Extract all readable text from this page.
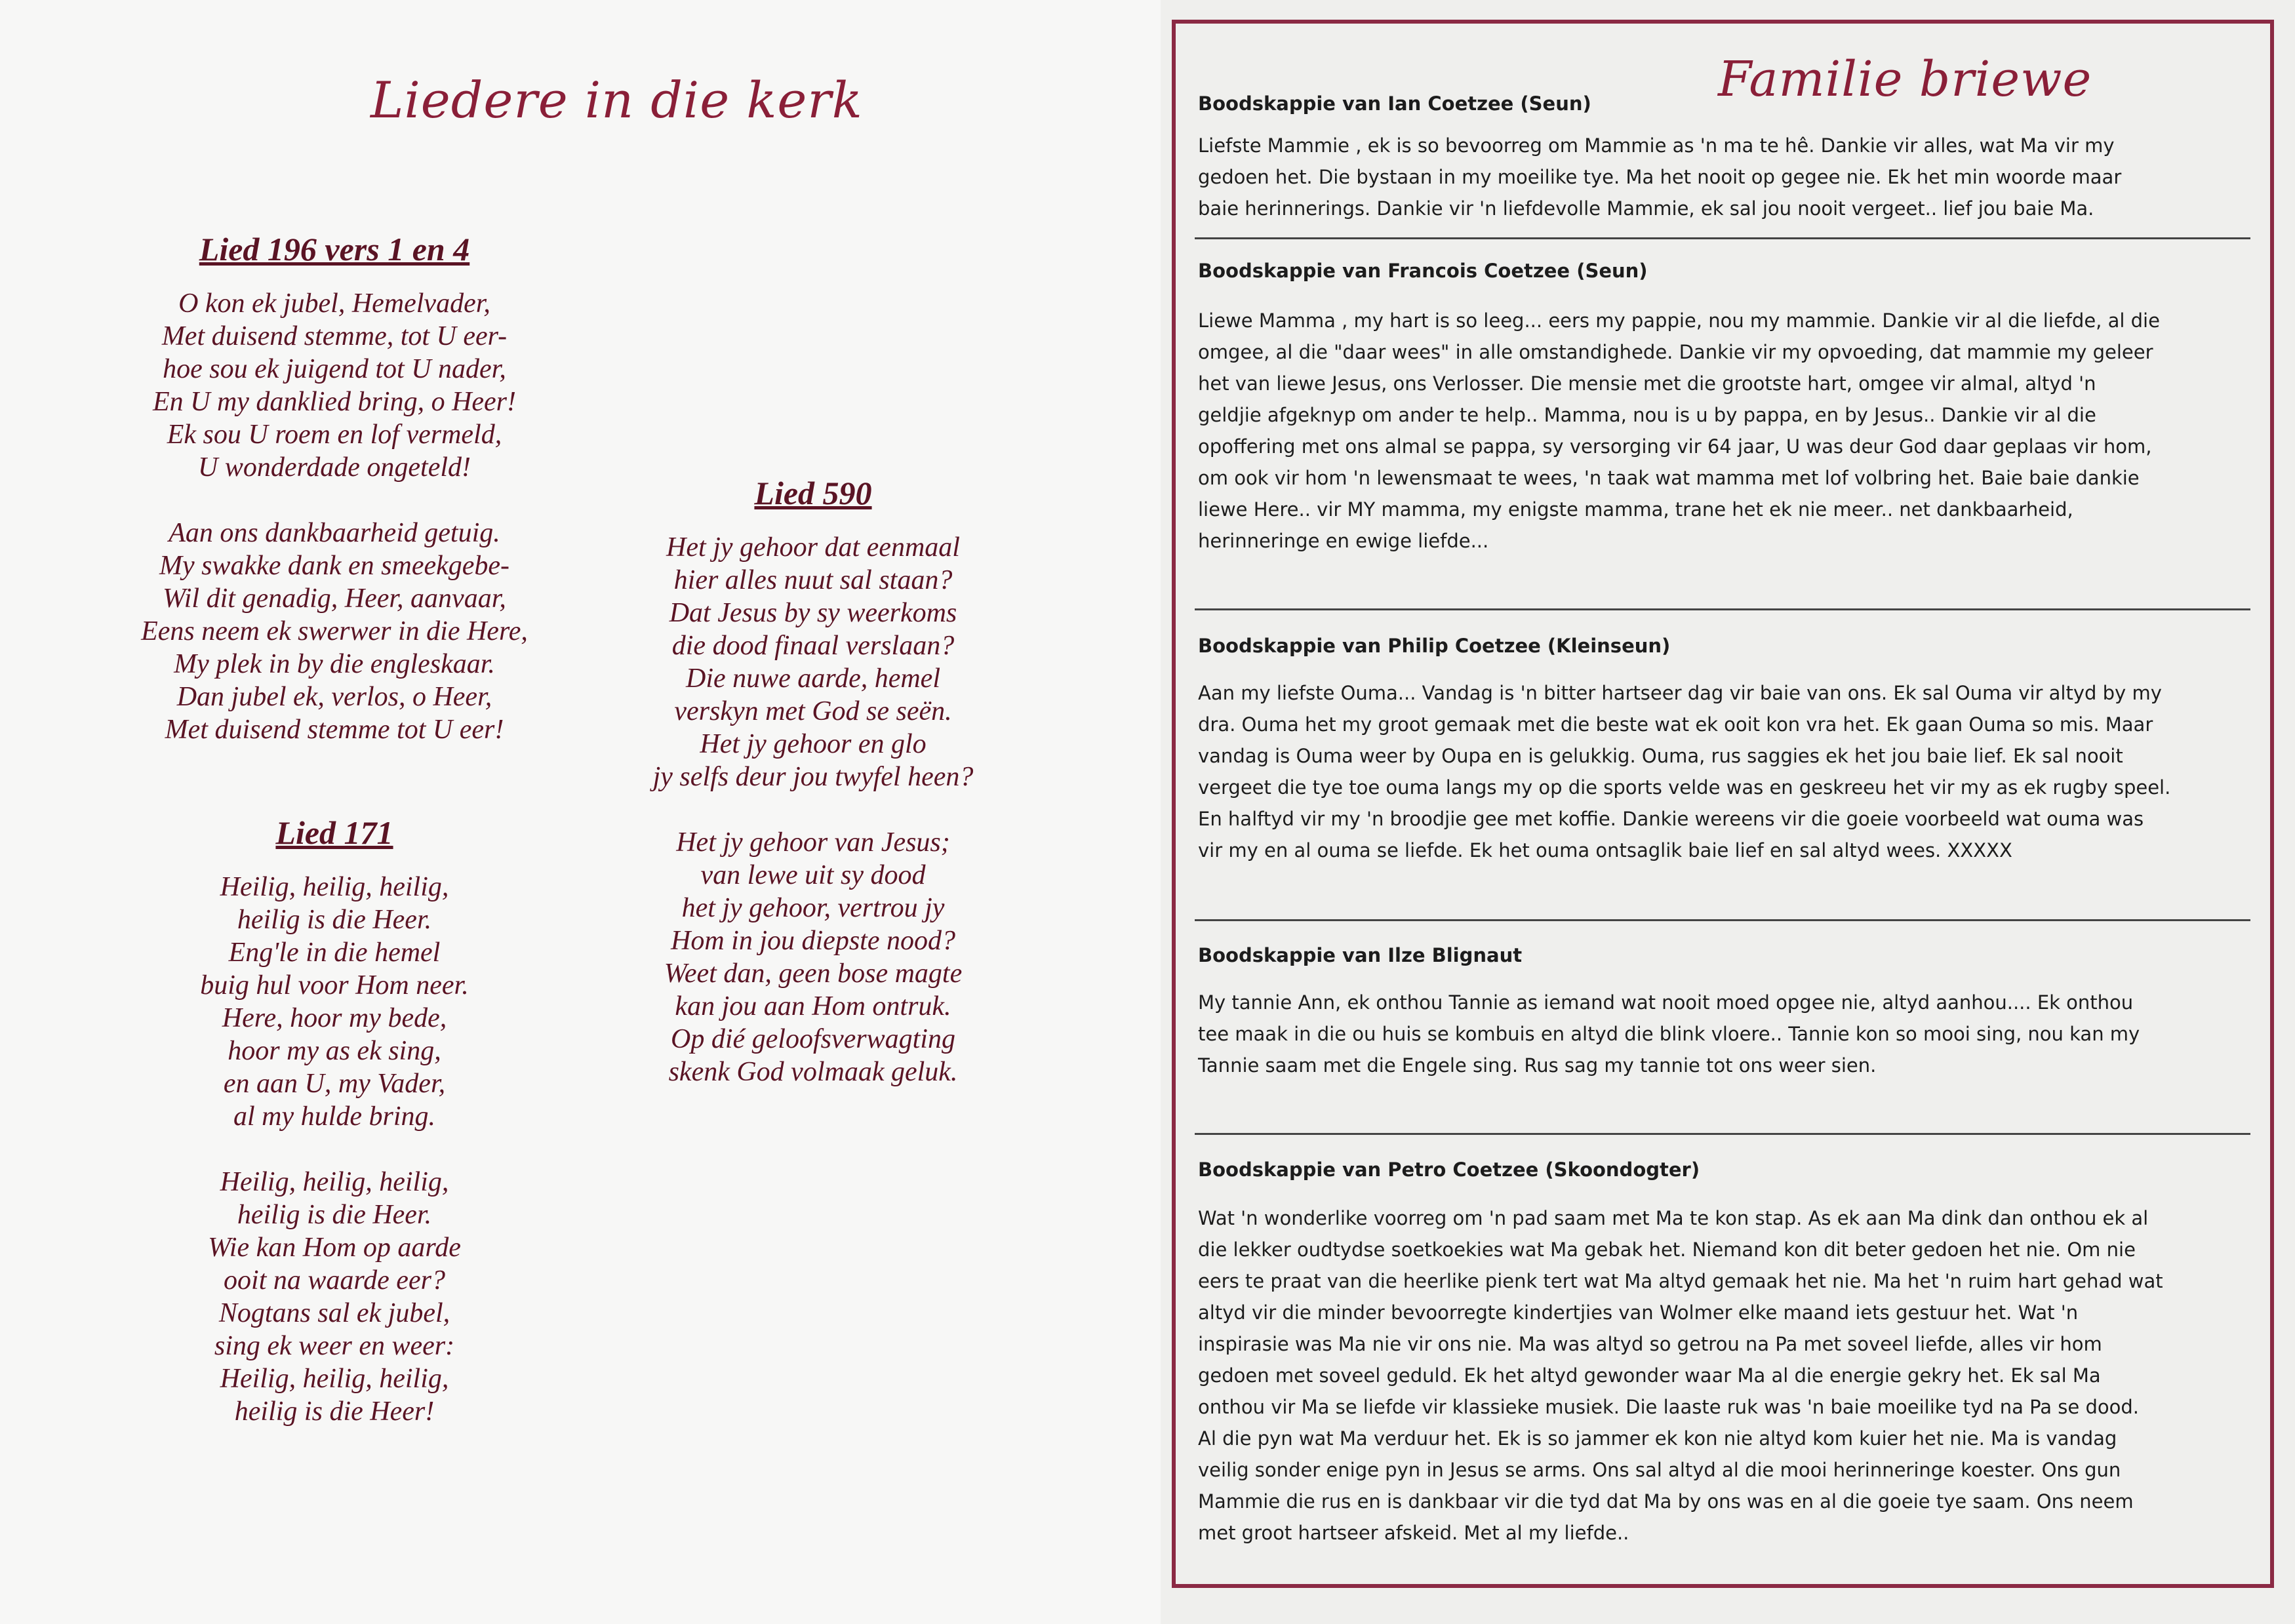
Liedere in die kerk
Lied 196 vers 1 en 4
O kon ek jubel, Hemelvader,
Met duisend stemme, tot U eer-
hoe sou ek juigend tot U nader,
En U my danklied bring, o Heer!
Ek sou U roem en lof vermeld,
U wonderdade ongeteld!
Aan ons dankbaarheid getuig.
My swakke dank en smeekgebe-
Wil dit genadig, Heer, aanvaar,
Eens neem ek swerwer in die Here,
My plek in by die engleskaar.
Dan jubel ek, verlos, o Heer,
Met duisend stemme tot U eer!
Lied 171
Heilig, heilig, heilig,
heilig is die Heer.
Eng'le in die hemel
buig hul voor Hom neer.
Here, hoor my bede,
hoor my as ek sing,
en aan U, my Vader,
al my hulde bring.
Heilig, heilig, heilig,
heilig is die Heer.
Wie kan Hom op aarde
ooit na waarde eer?
Nogtans sal ek jubel,
sing ek weer en weer:
Heilig, heilig, heilig,
heilig is die Heer!
Lied 590
Het jy gehoor dat eenmaal
hier alles nuut sal staan?
Dat Jesus by sy weerkoms
die dood finaal verslaan?
Die nuwe aarde, hemel
verskyn met God se seën.
Het jy gehoor en glo
jy selfs deur jou twyfel heen?
Het jy gehoor van Jesus;
van lewe uit sy dood
het jy gehoor, vertrou jy
Hom in jou diepste nood?
Weet dan, geen bose magte
kan jou aan Hom ontruk.
Op dié geloofsverwagting
skenk God volmaak geluk.
Familie briewe
Boodskappie van Ian Coetzee (Seun)
Liefste Mammie , ek is so bevoorreg om Mammie as 'n ma te hê. Dankie vir alles, wat Ma vir my
gedoen het. Die bystaan in my moeilike tye. Ma het nooit op gegee nie. Ek het min woorde maar
baie herinnerings. Dankie vir 'n liefdevolle Mammie, ek sal jou nooit vergeet.. lief jou baie Ma.
Boodskappie van Francois Coetzee (Seun)
Liewe Mamma , my hart is so leeg... eers my pappie, nou my mammie. Dankie vir al die liefde, al die
omgee, al die "daar wees" in alle omstandighede. Dankie vir my opvoeding, dat mammie my geleer
het van liewe Jesus, ons Verlosser. Die mensie met die grootste hart, omgee vir almal, altyd 'n
geldjie afgeknyp om ander te help.. Mamma, nou is u by pappa, en by Jesus.. Dankie vir al die
opoffering met ons almal se pappa, sy versorging vir 64 jaar, U was deur God daar geplaas vir hom,
om ook vir hom 'n lewensmaat te wees, 'n taak wat mamma met lof volbring het. Baie baie dankie
liewe Here.. vir MY mamma, my enigste mamma, trane het ek nie meer.. net dankbaarheid,
herinneringe en ewige liefde...
Boodskappie van Philip Coetzee (Kleinseun)
Aan my liefste Ouma... Vandag is 'n bitter hartseer dag vir baie van ons. Ek sal Ouma vir altyd by my
dra. Ouma het my groot gemaak met die beste wat ek ooit kon vra het. Ek gaan Ouma so mis. Maar
vandag is Ouma weer by Oupa en is gelukkig. Ouma, rus saggies ek het jou baie lief. Ek sal nooit
vergeet die tye toe ouma langs my op die sports velde was en geskreeu het vir my as ek rugby speel.
En halftyd vir my 'n broodjie gee met koffie. Dankie wereens vir die goeie voorbeeld wat ouma was
vir my en al ouma se liefde. Ek het ouma ontsaglik baie lief en sal altyd wees. XXXXX
Boodskappie van Ilze Blignaut
My tannie Ann, ek onthou Tannie as iemand wat nooit moed opgee nie, altyd aanhou.... Ek onthou
tee maak in die ou huis se kombuis en altyd die blink vloere.. Tannie kon so mooi sing, nou kan my
Tannie saam met die Engele sing. Rus sag my tannie tot ons weer sien.
Boodskappie van Petro Coetzee (Skoondogter)
Wat 'n wonderlike voorreg om 'n pad saam met Ma te kon stap. As ek aan Ma dink dan onthou ek al
die lekker oudtydse soetkoekies wat Ma gebak het. Niemand kon dit beter gedoen het nie. Om nie
eers te praat van die heerlike pienk tert wat Ma altyd gemaak het nie. Ma het 'n ruim hart gehad wat
altyd vir die minder bevoorregte kindertjies van Wolmer elke maand iets gestuur het. Wat 'n
inspirasie was Ma nie vir ons nie. Ma was altyd so getrou na Pa met soveel liefde, alles vir hom
gedoen met soveel geduld. Ek het altyd gewonder waar Ma al die energie gekry het. Ek sal Ma
onthou vir Ma se liefde vir klassieke musiek. Die laaste ruk was 'n baie moeilike tyd na Pa se dood.
Al die pyn wat Ma verduur het. Ek is so jammer ek kon nie altyd kom kuier het nie. Ma is vandag
veilig sonder enige pyn in Jesus se arms. Ons sal altyd al die mooi herinneringe koester. Ons gun
Mammie die rus en is dankbaar vir die tyd dat Ma by ons was en al die goeie tye saam. Ons neem
met groot hartseer afskeid. Met al my liefde..
